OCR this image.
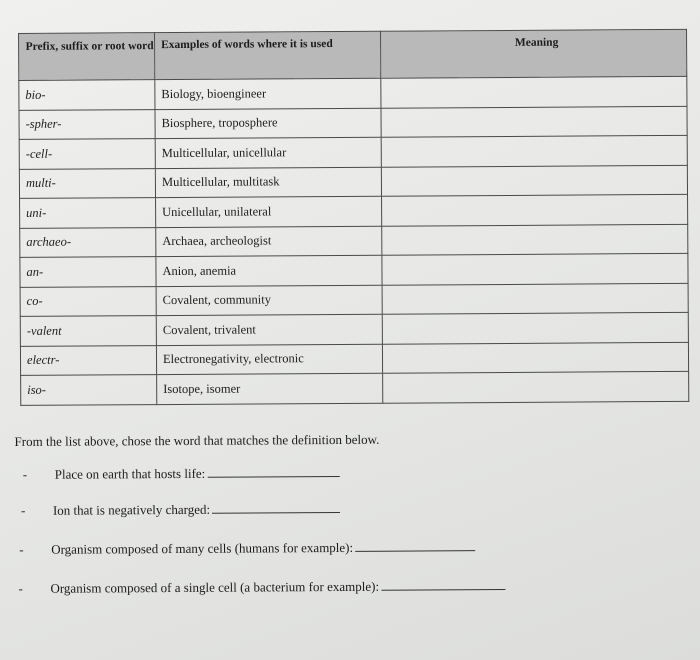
Prefix, suffix or root word	Examples of words where it is used	Meaning
bio-	Biology, bioengineer	
-spher-	Biosphere, troposphere	
-cell-	Multicellular, unicellular	
multi-	Multicellular, multitask	
uni-	Unicellular, unilateral	
archaeo-	Archaea, archeologist	
an-	Anion, anemia	
co-	Covalent, community	
-valent	Covalent, trivalent	
electr-	Electronegativity, electronic	
iso-	Isotope, isomer	
From the list above, chose the word that matches the definition below.
- Place on earth that hosts life:
- Ion that is negatively charged:
- Organism composed of many cells (humans for example):
- Organism composed of a single cell (a bacterium for example):
